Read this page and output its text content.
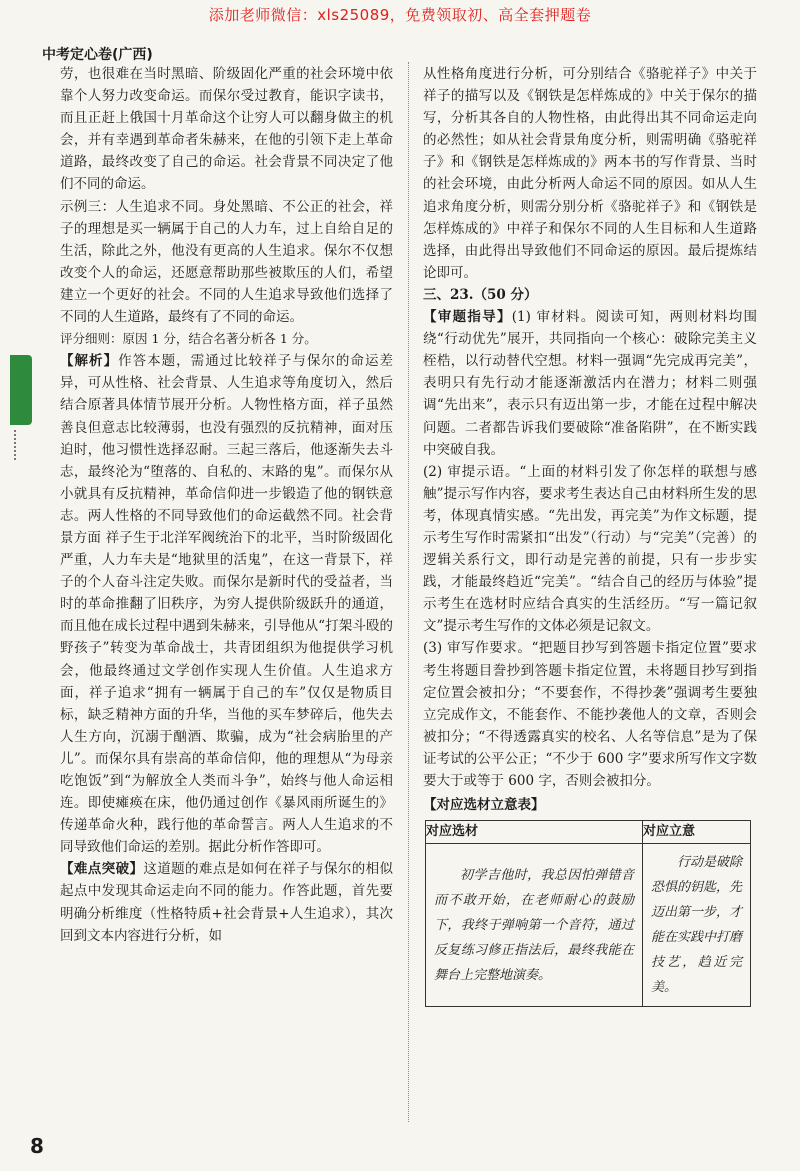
添加老师微信：xls25089，免费领取初、高全套押题卷
中考定心卷(广西)

劳，也很难在当时黑暗、阶级固化严重的社会环境中依靠个人努力改变命运。而保尔受过教育，能识字读书，而且正赶上俄国十月革命这个让穷人可以翻身做主的机会，并有幸遇到革命者朱赫来，在他的引领下走上革命道路，最终改变了自己的命运。社会背景不同决定了他们不同的命运。

示例三：人生追求不同。身处黑暗、不公正的社会，祥子的理想是买一辆属于自己的人力车，过上自给自足的生活，除此之外，他没有更高的人生追求。保尔不仅想改变个人的命运，还愿意帮助那些被欺压的人们，希望建立一个更好的社会。不同的人生追求导致他们选择了不同的人生道路，最终有了不同的命运。

评分细则：原因 1 分，结合名著分析各 1 分。

【解析】作答本题，需通过比较祥子与保尔的命运差异，可从性格、社会背景、人生追求等角度切入，然后结合原著具体情节展开分析。人物性格方面，祥子虽然善良但意志比较薄弱，也没有强烈的反抗精神，面对压迫时，他习惯性选择忍耐。三起三落后，他逐渐失去斗志，最终沦为“堕落的、自私的、末路的鬼”。而保尔从小就具有反抗精神，革命信仰进一步锻造了他的钢铁意志。两人性格的不同导致他们的命运截然不同。社会背景方面 祥子生于北洋军阀统治下的北平，当时阶级固化严重，人力车夫是“地狱里的活鬼”，在这一背景下，祥子的个人奋斗注定失败。而保尔是新时代的受益者，当时的革命推翻了旧秩序，为穷人提供阶级跃升的通道，而且他在成长过程中遇到朱赫来，引导他从“打架斗殴的野孩子”转变为革命战士，共青团组织为他提供学习机会，他最终通过文学创作实现人生价值。人生追求方面，祥子追求“拥有一辆属于自己的车”仅仅是物质目标，缺乏精神方面的升华，当他的买车梦碎后，他失去人生方向，沉溺于酗酒、欺骗，成为“社会病胎里的产儿”。而保尔具有崇高的革命信仰，他的理想从“为母亲吃饱饭”到“为解放全人类而斗争”，始终与他人命运相连。即使瘫痪在床，他仍通过创作《暴风雨所诞生的》传递革命火种，践行他的革命誓言。两人人生追求的不同导致他们命运的差别。据此分析作答即可。

【难点突破】这道题的难点是如何在祥子与保尔的相似起点中发现其命运走向不同的能力。作答此题，首先要明确分析维度（性格特质+社会背景+人生追求），其次回到文本内容进行分析，如

从性格角度进行分析，可分别结合《骆驼祥子》中关于祥子的描写以及《钢铁是怎样炼成的》中关于保尔的描写，分析其各自的人物性格，由此得出其不同命运走向的必然性；如从社会背景角度分析，则需明确《骆驼祥子》和《钢铁是怎样炼成的》两本书的写作背景、当时的社会环境，由此分析两人命运不同的原因。如从人生追求角度分析，则需分别分析《骆驼祥子》和《钢铁是怎样炼成的》中祥子和保尔不同的人生目标和人生道路选择，由此得出导致他们不同命运的原因。最后提炼结论即可。

三、23.（50 分）

【审题指导】(1) 审材料。阅读可知，两则材料均围绕“行动优先”展开，共同指向一个核心：破除完美主义桎梏，以行动替代空想。材料一强调“先完成再完美”，表明只有先行动才能逐渐激活内在潜力；材料二则强调“先出来”，表示只有迈出第一步，才能在过程中解决问题。二者都告诉我们要破除“准备陷阱”，在不断实践中突破自我。

(2) 审提示语。“上面的材料引发了你怎样的联想与感触”提示写作内容，要求考生表达自己由材料所生发的思考，体现真情实感。“先出发，再完美”为作文标题，提示考生写作时需紧扣“出发”（行动）与“完美”（完善）的逻辑关系行文，即行动是完善的前提，只有一步步实践，才能最终趋近“完美”。“结合自己的经历与体验”提示考生在选材时应结合真实的生活经历。“写一篇记叙文”提示考生写作的文体必须是记叙文。

(3) 审写作要求。“把题目抄写到答题卡指定位置”要求考生将题目誊抄到答题卡指定位置，未将题目抄写到指定位置会被扣分；“不要套作，不得抄袭”强调考生要独立完成作文，不能套作、不能抄袭他人的文章，否则会被扣分；“不得透露真实的校名、人名等信息”是为了保证考试的公平公正；“不少于 600 字”要求所写作文字数要大于或等于 600 字，否则会被扣分。

【对应选材立意表】

对应选材	对应立意
初学吉他时，我总因怕弹错音而不敢开始，在老师耐心的鼓励下，我终于弹响第一个音符，通过反复练习修正指法后，最终我能在舞台上完整地演奏。	行动是破除恐惧的钥匙，先迈出第一步，才能在实践中打磨技艺，趋近完美。
8
